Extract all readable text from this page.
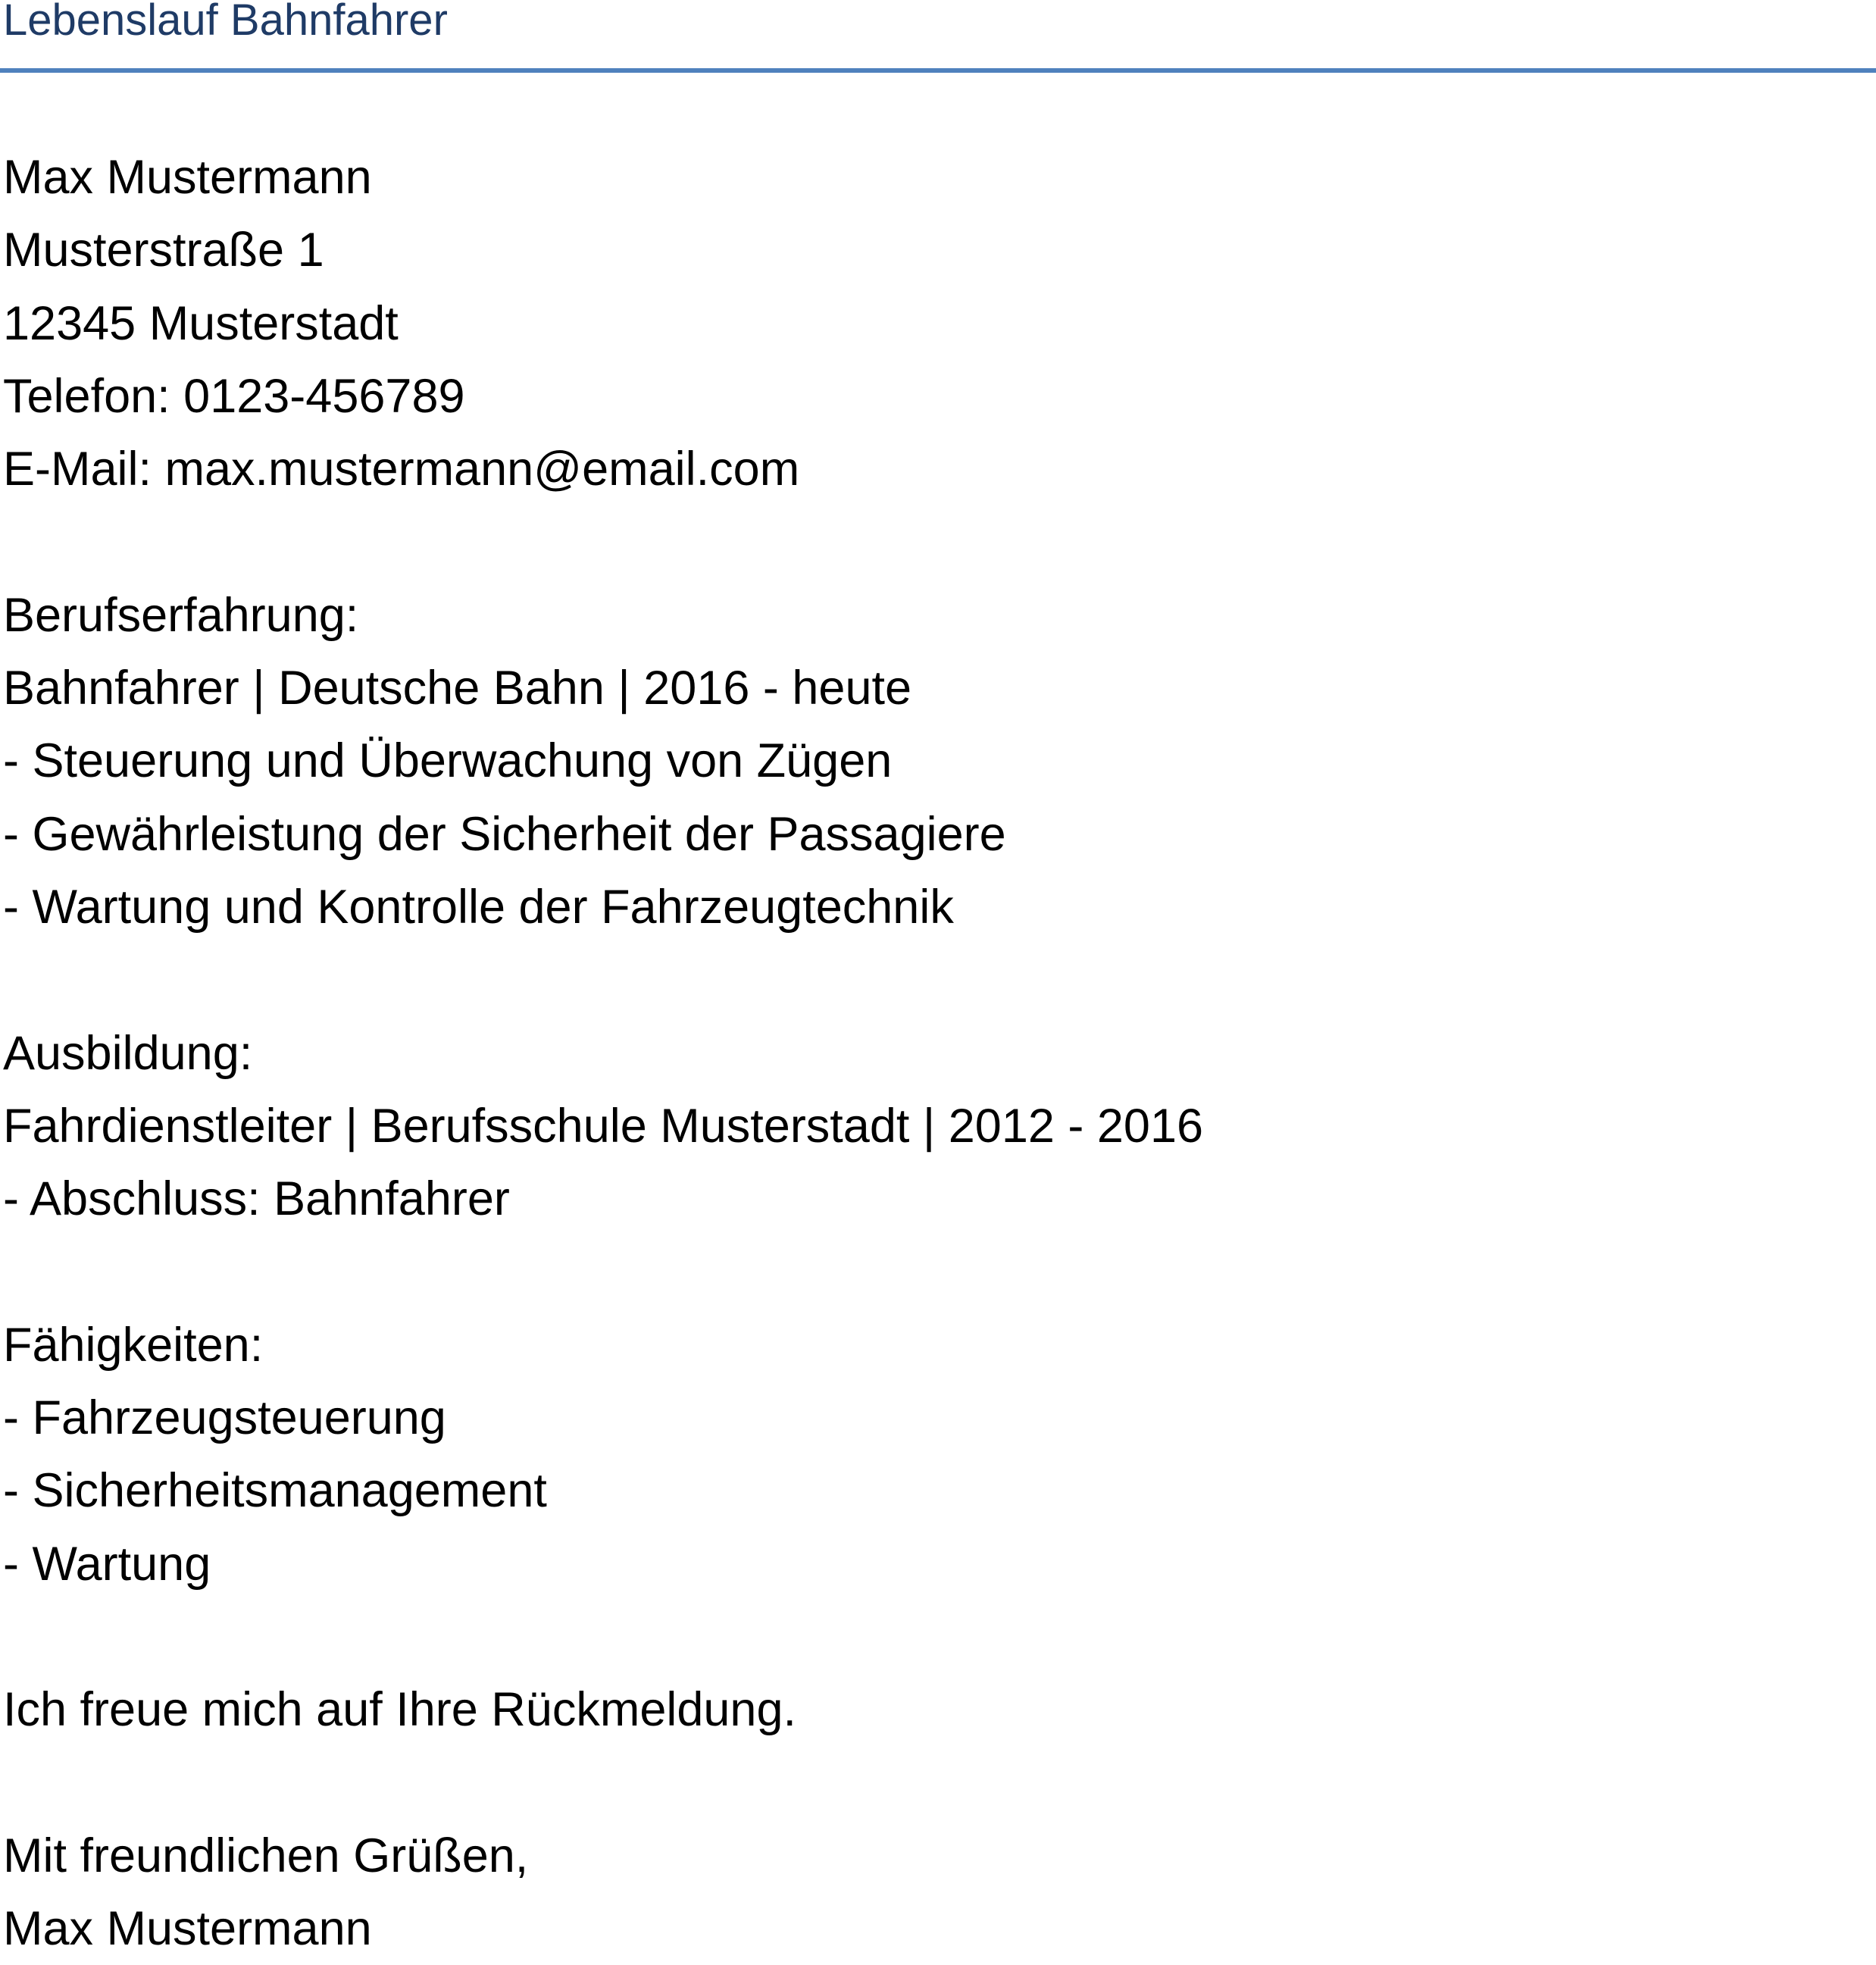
Lebenslauf Bahnfahrer
Max Mustermann
Musterstraße 1
12345 Musterstadt
Telefon: 0123-456789
E-Mail: max.mustermann@email.com
Berufserfahrung:
Bahnfahrer | Deutsche Bahn | 2016 - heute
- Steuerung und Überwachung von Zügen
- Gewährleistung der Sicherheit der Passagiere
- Wartung und Kontrolle der Fahrzeugtechnik
Ausbildung:
Fahrdienstleiter | Berufsschule Musterstadt | 2012 - 2016
- Abschluss: Bahnfahrer
Fähigkeiten:
- Fahrzeugsteuerung
- Sicherheitsmanagement
- Wartung
Ich freue mich auf Ihre Rückmeldung.
Mit freundlichen Grüßen,
Max Mustermann
